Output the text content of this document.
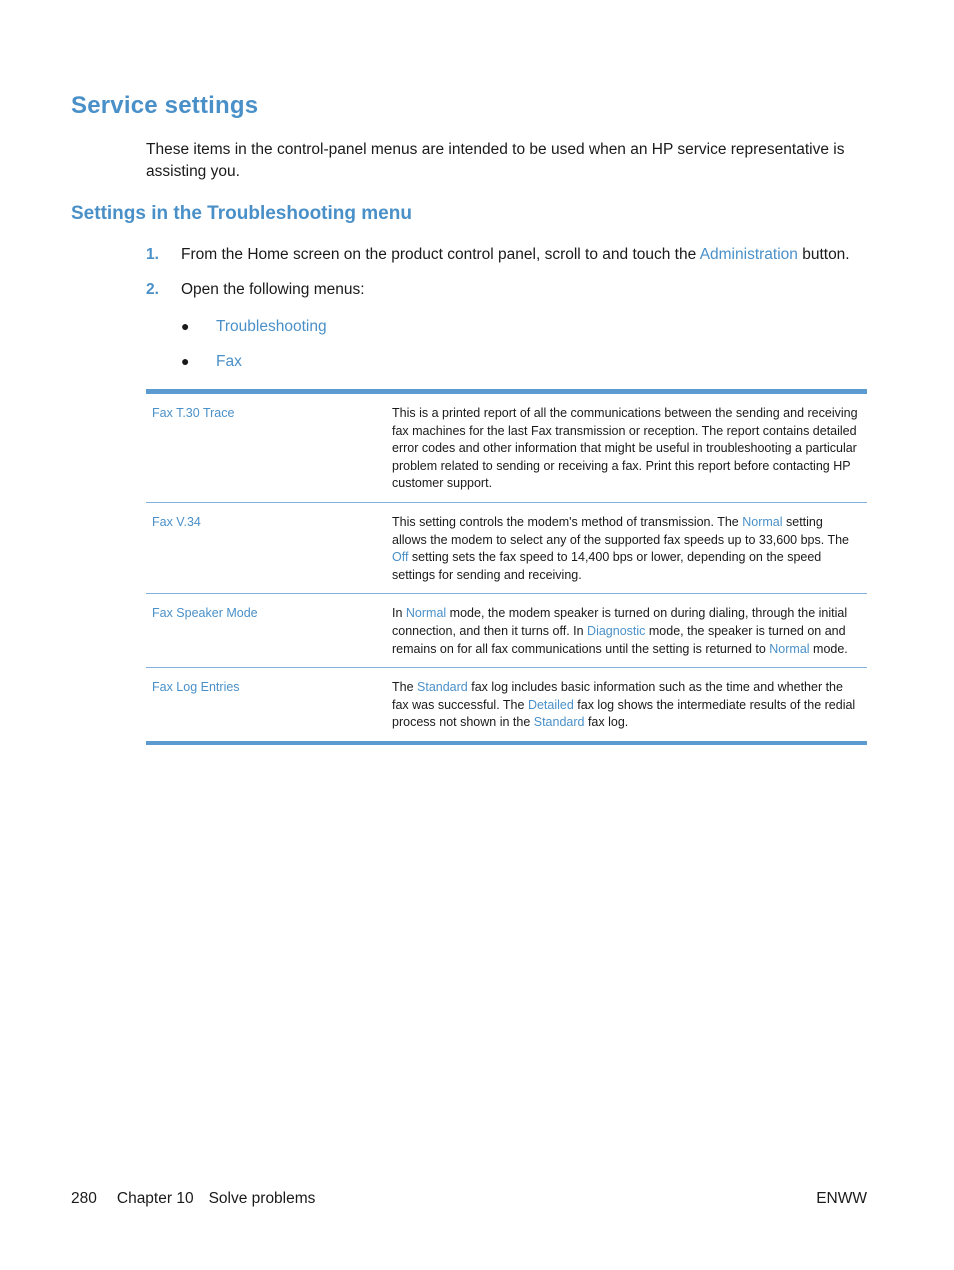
Service settings

These items in the control-panel menus are intended to be used when an HP service representative is assisting you.

Settings in the Troubleshooting menu
1. From the Home screen on the product control panel, scroll to and touch the Administration button.
2. Open the following menus:
● Troubleshooting
● Fax
Fax T.30 Trace	This is a printed report of all the communications between the sending and receiving fax machines for the last Fax transmission or reception. The report contains detailed error codes and other information that might be useful in troubleshooting a particular problem related to sending or receiving a fax. Print this report before contacting HP customer support.
Fax V.34	This setting controls the modem's method of transmission. The Normal setting allows the modem to select any of the supported fax speeds up to 33,600 bps. The Off setting sets the fax speed to 14,400 bps or lower, depending on the speed settings for sending and receiving.
Fax Speaker Mode	In Normal mode, the modem speaker is turned on during dialing, through the initial connection, and then it turns off. In Diagnostic mode, the speaker is turned on and remains on for all fax communications until the setting is returned to Normal mode.
Fax Log Entries	The Standard fax log includes basic information such as the time and whether the fax was successful. The Detailed fax log shows the intermediate results of the redial process not shown in the Standard fax log.
280 Chapter 10 Solve problems	ENWW
